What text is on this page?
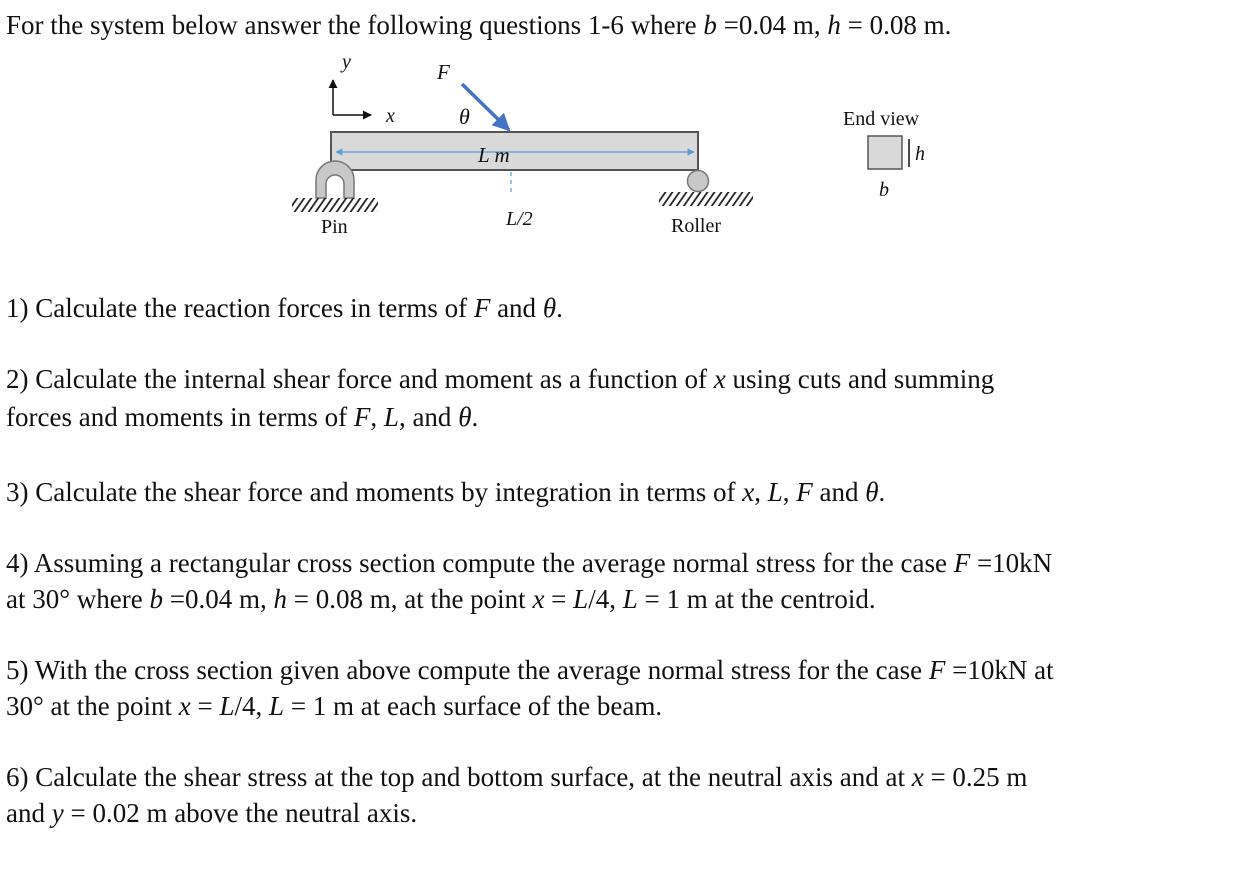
For the system below answer the following questions 1-6 where b =0.04 m, h = 0.08 m.
y
x
F
θ
L m
L/2
Pin	Roller
End view
h
b
1) Calculate the reaction forces in terms of F and θ.
2) Calculate the internal shear force and moment as a function of x using cuts and summing
forces and moments in terms of F, L, and θ.
3) Calculate the shear force and moments by integration in terms of x, L, F and θ.
4) Assuming a rectangular cross section compute the average normal stress for the case F =10kN
at 30° where b =0.04 m, h = 0.08 m, at the point x = L/4, L = 1 m at the centroid.
5) With the cross section given above compute the average normal stress for the case F =10kN at
30° at the point x = L/4, L = 1 m at each surface of the beam.
6) Calculate the shear stress at the top and bottom surface, at the neutral axis and at x = 0.25 m
and y = 0.02 m above the neutral axis.
